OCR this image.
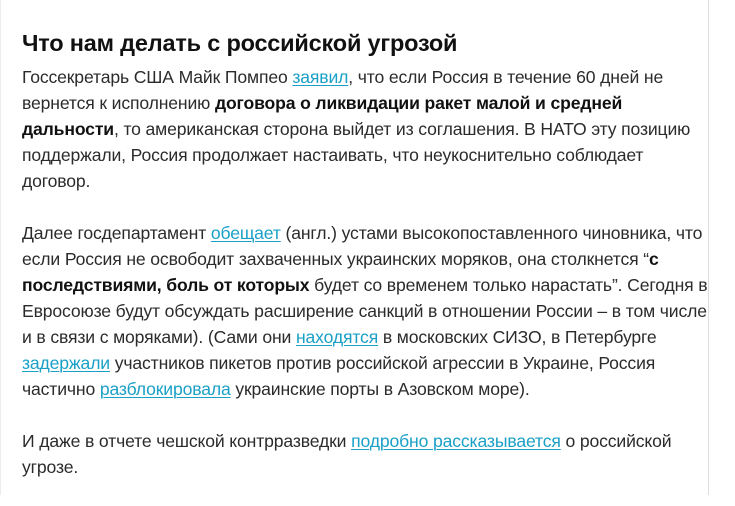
Что нам делать с российской угрозой

Госсекретарь США Майк Помпео заявил, что если Россия в течение 60 дней не вернется к исполнению договора о ликвидации ракет малой и средней дальности, то американская сторона выйдет из соглашения. В НАТО эту позицию поддержали, Россия продолжает настаивать, что неукоснительно соблюдает договор.

Далее госдепартамент обещает (англ.) устами высокопоставленного чиновника, что если Россия не освободит захваченных украинских моряков, она столкнется “с последствиями, боль от которых будет со временем только нарастать”. Сегодня в Евросоюзе будут обсуждать расширение санкций в отношении России – в том числе и в связи с моряками). (Сами они находятся в московских СИЗО, в Петербурге задержали участников пикетов против российской агрессии в Украине, Россия частично разблокировала украинские порты в Азовском море).

И даже в отчете чешской контрразведки подробно рассказывается о российской угрозе.
